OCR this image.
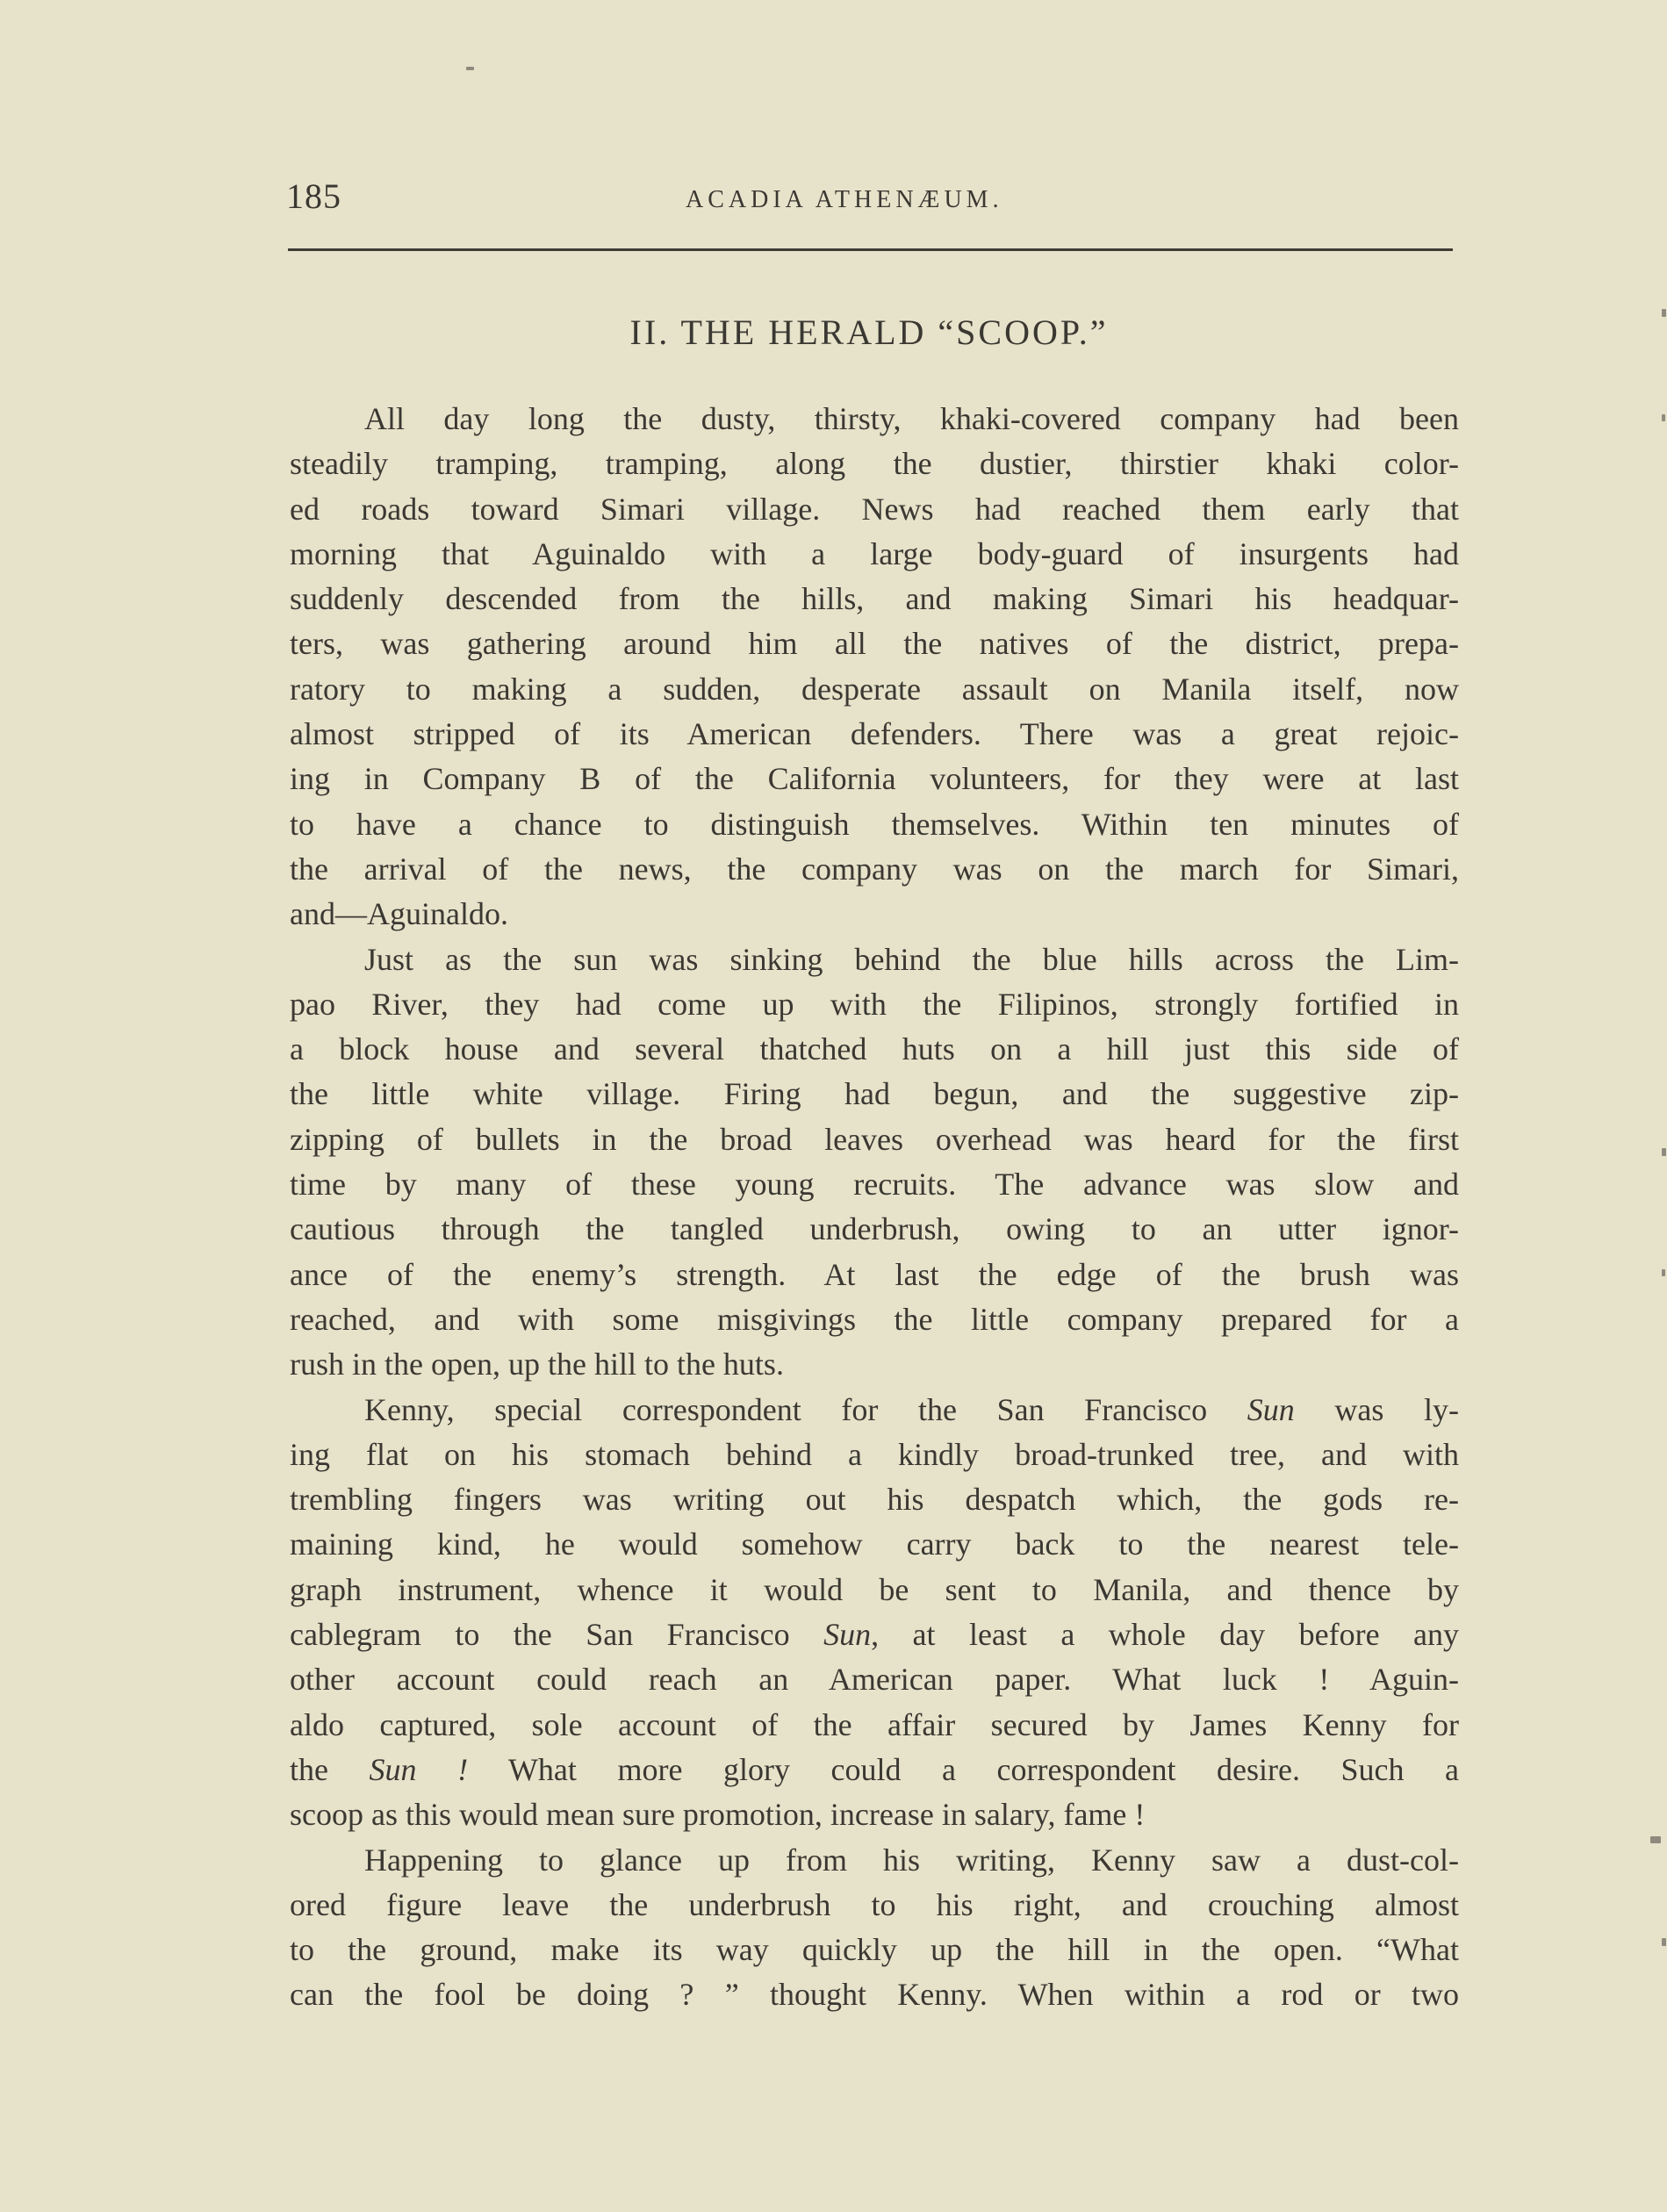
185	ACADIA ATHENÆUM.
II. THE HERALD “SCOOP.”
All day long the dusty, thirsty, khaki-covered company had been
steadily tramping, tramping, along the dustier, thirstier khaki color-
ed roads toward Simari village. News had reached them early that
morning that Aguinaldo with a large body-guard of insurgents had
suddenly descended from the hills, and making Simari his headquar-
ters, was gathering around him all the natives of the district, prepa-
ratory to making a sudden, desperate assault on Manila itself, now
almost stripped of its American defenders. There was a great rejoic-
ing in Company B of the California volunteers, for they were at last
to have a chance to distinguish themselves. Within ten minutes of
the arrival of the news, the company was on the march for Simari,
and—Aguinaldo.
Just as the sun was sinking behind the blue hills across the Lim-
pao River, they had come up with the Filipinos, strongly fortified in
a block house and several thatched huts on a hill just this side of
the little white village. Firing had begun, and the suggestive zip-
zipping of bullets in the broad leaves overhead was heard for the first
time by many of these young recruits. The advance was slow and
cautious through the tangled underbrush, owing to an utter ignor-
ance of the enemy’s strength. At last the edge of the brush was
reached, and with some misgivings the little company prepared for a
rush in the open, up the hill to the huts.
Kenny, special correspondent for the San Francisco Sun was ly-
ing flat on his stomach behind a kindly broad-trunked tree, and with
trembling fingers was writing out his despatch which, the gods re-
maining kind, he would somehow carry back to the nearest tele-
graph instrument, whence it would be sent to Manila, and thence by
cablegram to the San Francisco Sun, at least a whole day before any
other account could reach an American paper. What luck ! Aguin-
aldo captured, sole account of the affair secured by James Kenny for
the Sun ! What more glory could a correspondent desire. Such a
scoop as this would mean sure promotion, increase in salary, fame !
Happening to glance up from his writing, Kenny saw a dust-col-
ored figure leave the underbrush to his right, and crouching almost
to the ground, make its way quickly up the hill in the open. “What
can the fool be doing ? ” thought Kenny. When within a rod or two
